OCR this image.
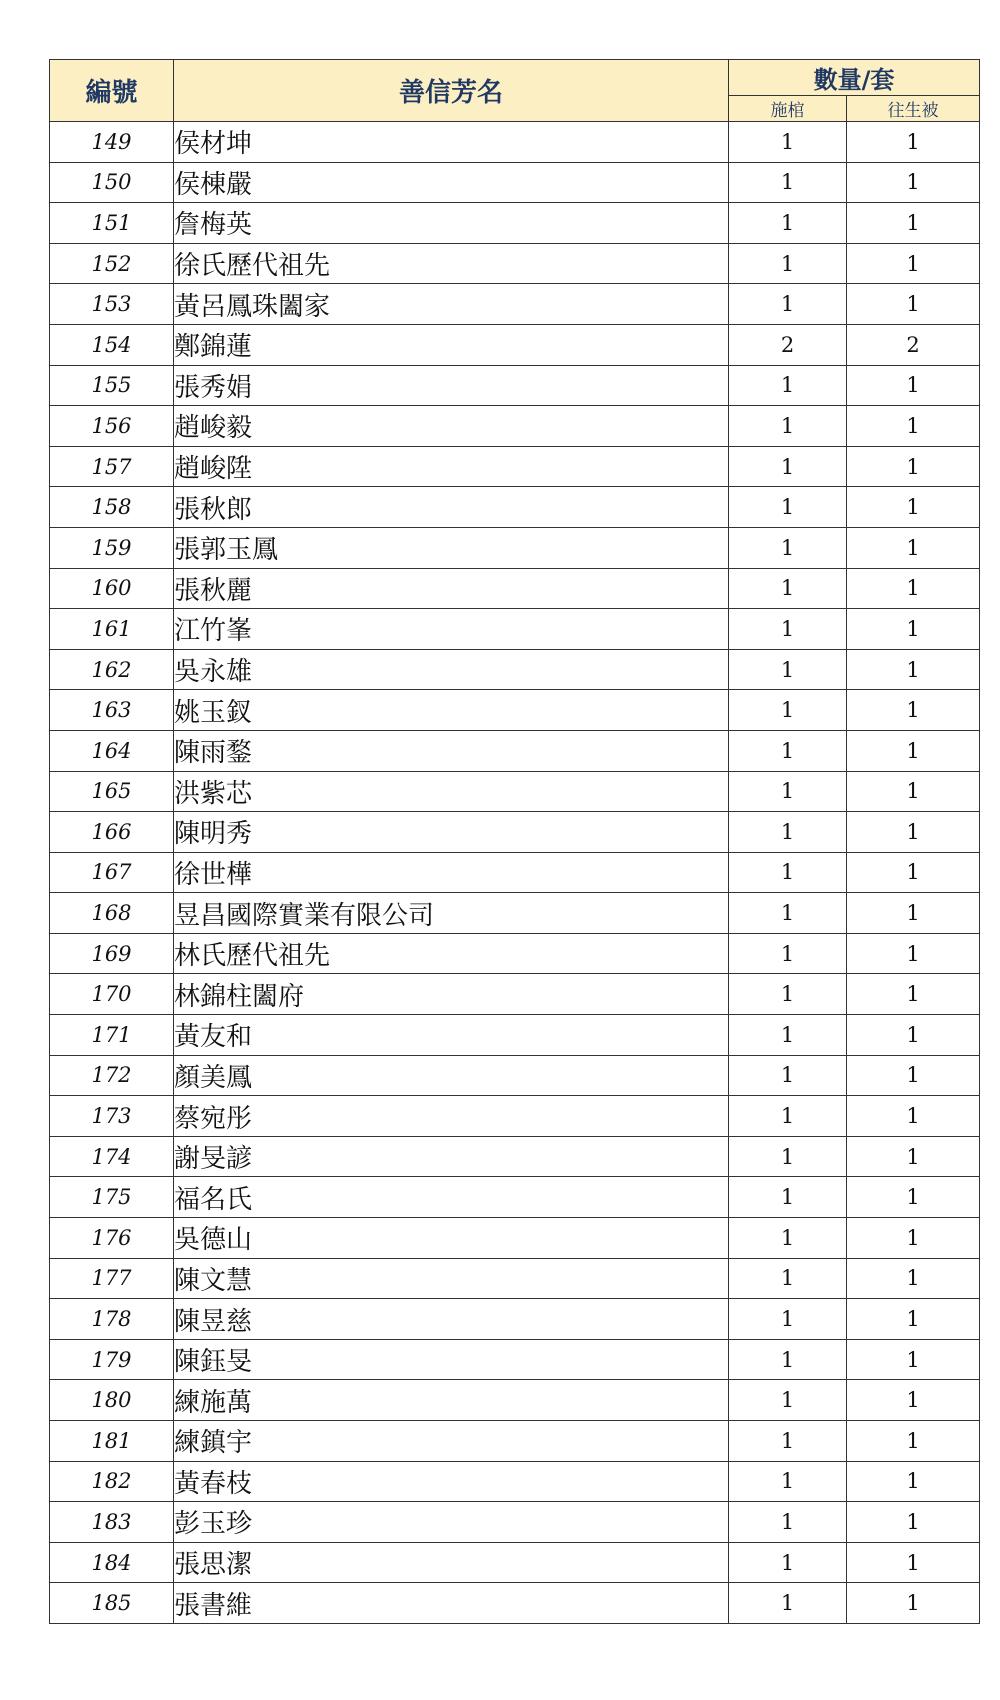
編號	善信芳名	數量/套	
		施棺	往生被
149	侯材坤	1	1
150	侯棟嚴	1	1
151	詹梅英	1	1
152	徐氏歷代祖先	1	1
153	黃呂鳳珠闔家	1	1
154	鄭錦蓮	2	2
155	張秀娟	1	1
156	趙峻毅	1	1
157	趙峻陞	1	1
158	張秋郎	1	1
159	張郭玉鳳	1	1
160	張秋麗	1	1
161	江竹峯	1	1
162	吳永雄	1	1
163	姚玉釵	1	1
164	陳雨鍪	1	1
165	洪紫芯	1	1
166	陳明秀	1	1
167	徐世樺	1	1
168	昱昌國際實業有限公司	1	1
169	林氏歷代祖先	1	1
170	林錦柱闔府	1	1
171	黃友和	1	1
172	顏美鳳	1	1
173	蔡宛彤	1	1
174	謝旻諺	1	1
175	福名氏	1	1
176	吳德山	1	1
177	陳文慧	1	1
178	陳昱慈	1	1
179	陳鈺旻	1	1
180	練施萬	1	1
181	練鎮宇	1	1
182	黃春枝	1	1
183	彭玉珍	1	1
184	張思潔	1	1
185	張書維	1	1
